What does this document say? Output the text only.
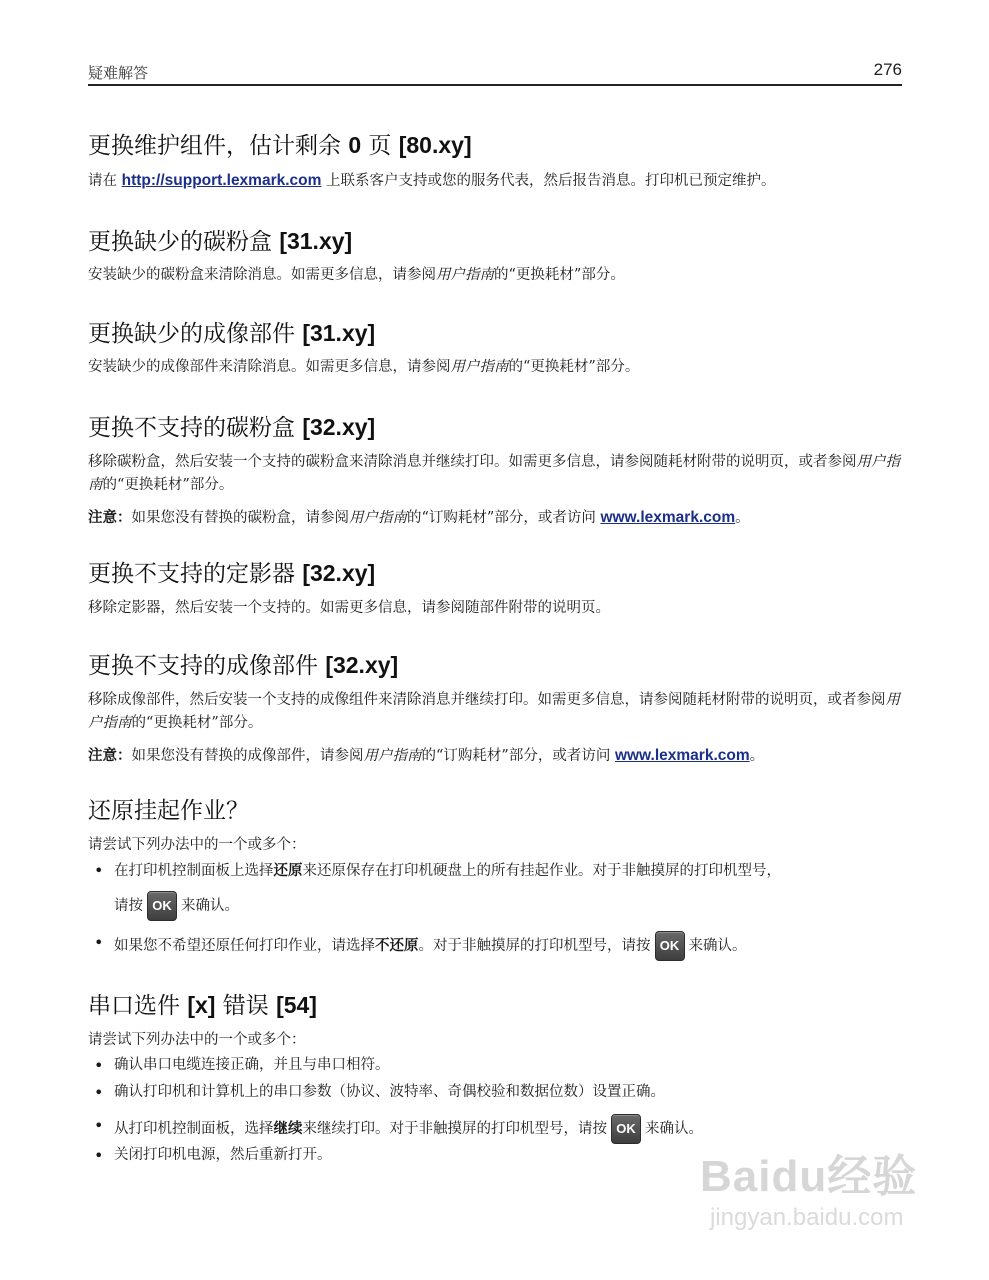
疑难解答	276
更换维护组件，估计剩余 0 页 [80.xy]

请在 http://support.lexmark.com 上联系客户支持或您的服务代表，然后报告消息。打印机已预定维护。

更换缺少的碳粉盒 [31.xy]

安装缺少的碳粉盒来清除消息。如需更多信息，请参阅用户指南的“更换耗材”部分。

更换缺少的成像部件 [31.xy]

安装缺少的成像部件来清除消息。如需更多信息，请参阅用户指南的“更换耗材”部分。

更换不支持的碳粉盒 [32.xy]

移除碳粉盒，然后安装一个支持的碳粉盒来清除消息并继续打印。如需更多信息，请参阅随耗材附带的说明页，或者参阅用户指南的“更换耗材”部分。

注意：如果您没有替换的碳粉盒，请参阅用户指南的“订购耗材”部分，或者访问 www.lexmark.com。

更换不支持的定影器 [32.xy]

移除定影器，然后安装一个支持的。如需更多信息，请参阅随部件附带的说明页。

更换不支持的成像部件 [32.xy]

移除成像部件，然后安装一个支持的成像组件来清除消息并继续打印。如需更多信息，请参阅随耗材附带的说明页，或者参阅用户指南的“更换耗材”部分。

注意：如果您没有替换的成像部件，请参阅用户指南的“订购耗材”部分，或者访问 www.lexmark.com。

还原挂起作业？

请尝试下列办法中的一个或多个：

• 在打印机控制面板上选择还原来还原保存在打印机硬盘上的所有挂起作业。对于非触摸屏的打印机型号，
请按 OK 来确认。
• 如果您不希望还原任何打印作业，请选择不还原。对于非触摸屏的打印机型号，请按 OK 来确认。
串口选件 [x] 错误 [54]

请尝试下列办法中的一个或多个：

• 确认串口电缆连接正确，并且与串口相符。
• 确认打印机和计算机上的串口参数（协议、波特率、奇偶校验和数据位数）设置正确。
• 从打印机控制面板，选择继续来继续打印。对于非触摸屏的打印机型号，请按 OK 来确认。
• 关闭打印机电源，然后重新打开。	Baidu经验
jingyan.baidu.com
